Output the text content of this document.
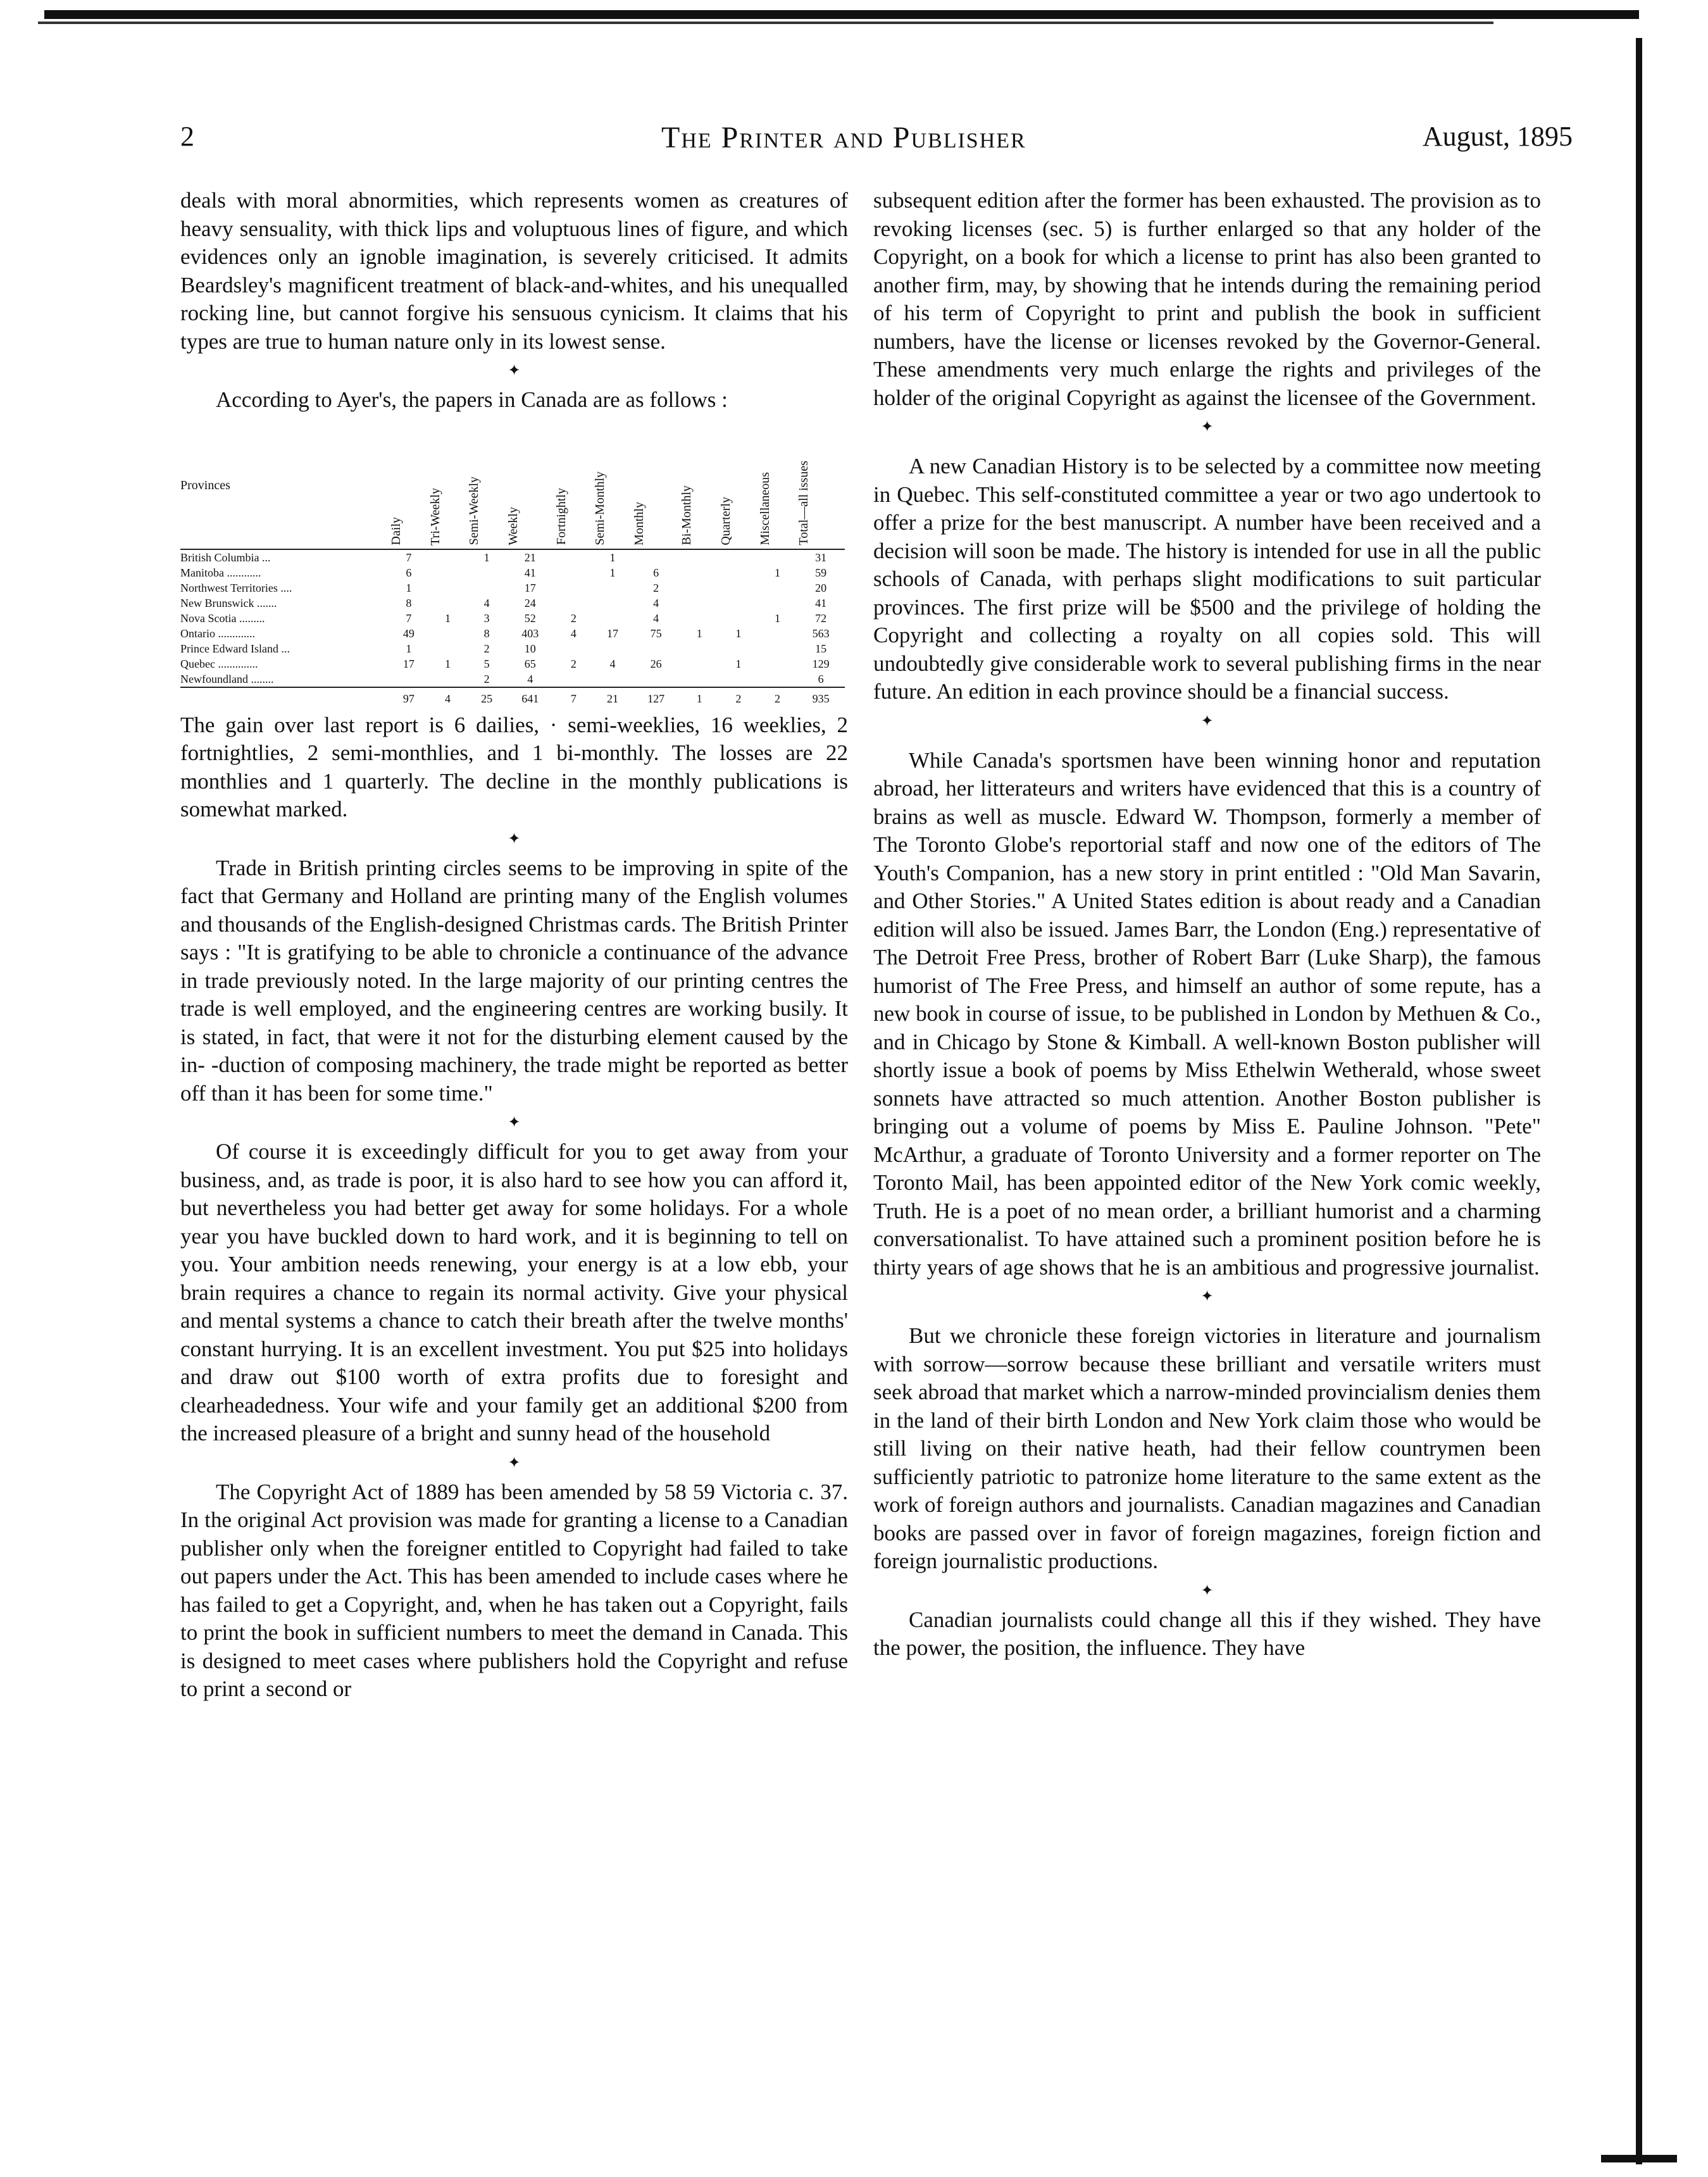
2	The Printer and Publisher	August, 1895

deals with moral abnormities, which represents women as creatures of heavy sensuality, with thick lips and voluptuous lines of figure, and which evidences only an ignoble imagination, is severely criticised. It admits Beardsley's magnificent treatment of black-and-whites, and his unequalled rocking line, but cannot forgive his sensuous cynicism. It claims that his types are true to human nature only in its lowest sense.

✦

According to Ayer's, the papers in Canada are as follows :

Provinces	Daily	Tri-Weekly	Semi-Weekly	Weekly	Fortnightly	Semi-Monthly	Monthly	Bi-Monthly	Quarterly	Miscellaneous	Total—all issues
British Columbia ...	7		1	21		1					31
Manitoba ............	6			41		1	6			1	59
Northwest Territories ....	1			17			2				20
New Brunswick .......	8		4	24			4				41
Nova Scotia .........	7	1	3	52	2		4			1	72
Ontario .............	49		8	403	4	17	75	1	1		563
Prince Edward Island ...	1		2	10							15
Quebec ..............	17	1	5	65	2	4	26		1		129
Newfoundland ........			2	4							6
	97	4	25	641	7	21	127	1	2	2	935

The gain over last report is 6 dailies, · semi-weeklies, 16 weeklies, 2 fortnightlies, 2 semi-monthlies, and 1 bi-monthly. The losses are 22 monthlies and 1 quarterly. The decline in the monthly publications is somewhat marked.

✦

Trade in British printing circles seems to be improving in spite of the fact that Germany and Holland are printing many of the English volumes and thousands of the English-designed Christmas cards. The British Printer says : "It is gratifying to be able to chronicle a continuance of the advance in trade previously noted. In the large majority of our printing centres the trade is well employed, and the engineering centres are working busily. It is stated, in fact, that were it not for the disturbing element caused by the in- -duction of composing machinery, the trade might be reported as better off than it has been for some time."

✦

Of course it is exceedingly difficult for you to get away from your business, and, as trade is poor, it is also hard to see how you can afford it, but nevertheless you had better get away for some holidays. For a whole year you have buckled down to hard work, and it is beginning to tell on you. Your ambition needs renewing, your energy is at a low ebb, your brain requires a chance to regain its normal activity. Give your physical and mental systems a chance to catch their breath after the twelve months' constant hurrying. It is an excellent investment. You put $25 into holidays and draw out $100 worth of extra profits due to foresight and clearheadedness. Your wife and your family get an additional $200 from the increased pleasure of a bright and sunny head of the household

✦

The Copyright Act of 1889 has been amended by 58 59 Victoria c. 37. In the original Act provision was made for granting a license to a Canadian publisher only when the foreigner entitled to Copyright had failed to take out papers under the Act. This has been amended to include cases where he has failed to get a Copyright, and, when he has taken out a Copyright, fails to print the book in sufficient numbers to meet the demand in Canada. This is designed to meet cases where publishers hold the Copyright and refuse to print a second or

subsequent edition after the former has been exhausted. The provision as to revoking licenses (sec. 5) is further enlarged so that any holder of the Copyright, on a book for which a license to print has also been granted to another firm, may, by showing that he intends during the remaining period of his term of Copyright to print and publish the book in sufficient numbers, have the license or licenses revoked by the Governor-General. These amendments very much enlarge the rights and privileges of the holder of the original Copyright as against the licensee of the Government.

✦

A new Canadian History is to be selected by a committee now meeting in Quebec. This self-constituted committee a year or two ago undertook to offer a prize for the best manuscript. A number have been received and a decision will soon be made. The history is intended for use in all the public schools of Canada, with perhaps slight modifications to suit particular provinces. The first prize will be $500 and the privilege of holding the Copyright and collecting a royalty on all copies sold. This will undoubtedly give considerable work to several publishing firms in the near future. An edition in each province should be a financial success.

✦

While Canada's sportsmen have been winning honor and reputation abroad, her litterateurs and writers have evidenced that this is a country of brains as well as muscle. Edward W. Thompson, formerly a member of The Toronto Globe's reportorial staff and now one of the editors of The Youth's Companion, has a new story in print entitled : "Old Man Savarin, and Other Stories." A United States edition is about ready and a Canadian edition will also be issued. James Barr, the London (Eng.) representative of The Detroit Free Press, brother of Robert Barr (Luke Sharp), the famous humorist of The Free Press, and himself an author of some repute, has a new book in course of issue, to be published in London by Methuen & Co., and in Chicago by Stone & Kimball. A well-known Boston publisher will shortly issue a book of poems by Miss Ethelwin Wetherald, whose sweet sonnets have attracted so much attention. Another Boston publisher is bringing out a volume of poems by Miss E. Pauline Johnson. "Pete" McArthur, a graduate of Toronto University and a former reporter on The Toronto Mail, has been appointed editor of the New York comic weekly, Truth. He is a poet of no mean order, a brilliant humorist and a charming conversationalist. To have attained such a prominent position before he is thirty years of age shows that he is an ambitious and progressive journalist.

✦

But we chronicle these foreign victories in literature and journalism with sorrow—sorrow because these brilliant and versatile writers must seek abroad that market which a narrow-minded provincialism denies them in the land of their birth London and New York claim those who would be still living on their native heath, had their fellow countrymen been sufficiently patriotic to patronize home literature to the same extent as the work of foreign authors and journalists. Canadian magazines and Canadian books are passed over in favor of foreign magazines, foreign fiction and foreign journalistic productions.

✦

Canadian journalists could change all this if they wished. They have the power, the position, the influence. They have
